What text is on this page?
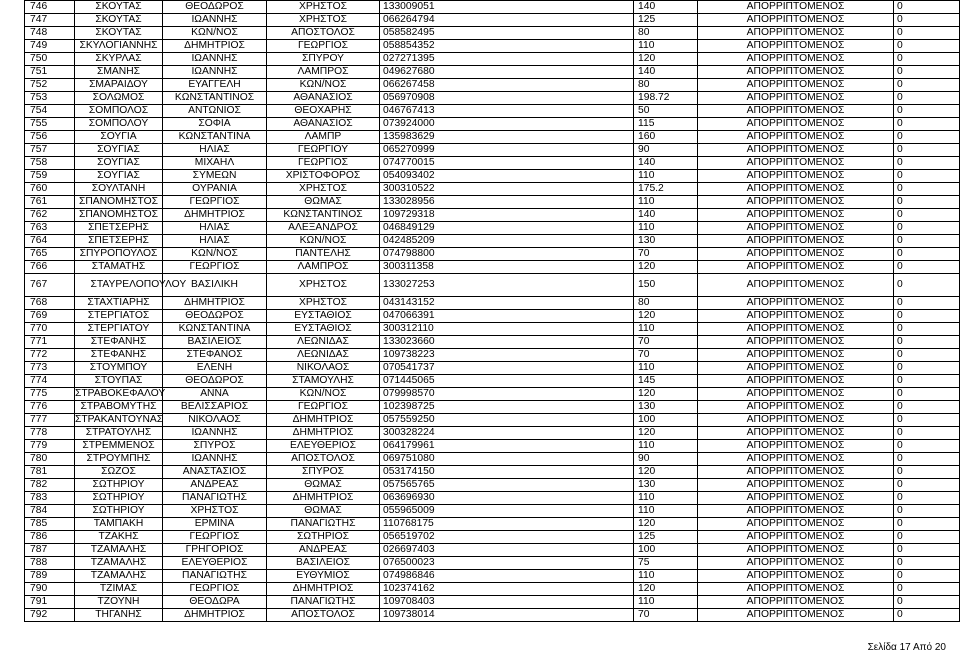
746	ΣΚΟΥΤΑΣ	ΘΕΟΔΩΡΟΣ	ΧΡΗΣΤΟΣ	133009051	140	ΑΠΟΡΡΙΠΤΟΜΕΝΟΣ	0
747	ΣΚΟΥΤΑΣ	ΙΩΑΝΝΗΣ	ΧΡΗΣΤΟΣ	066264794	125	ΑΠΟΡΡΙΠΤΟΜΕΝΟΣ	0
748	ΣΚΟΥΤΑΣ	ΚΩΝ/ΝΟΣ	ΑΠΟΣΤΟΛΟΣ	058582495	80	ΑΠΟΡΡΙΠΤΟΜΕΝΟΣ	0
749	ΣΚΥΛΟΓΙΑΝΝΗΣ	ΔΗΜΗΤΡΙΟΣ	ΓΕΩΡΓΙΟΣ	058854352	110	ΑΠΟΡΡΙΠΤΟΜΕΝΟΣ	0
750	ΣΚΥΡΛΑΣ	ΙΩΑΝΝΗΣ	ΣΠΥΡΟΥ	027271395	120	ΑΠΟΡΡΙΠΤΟΜΕΝΟΣ	0
751	ΣΜΑΝΗΣ	ΙΩΑΝΝΗΣ	ΛΑΜΠΡΟΣ	049627680	140	ΑΠΟΡΡΙΠΤΟΜΕΝΟΣ	0
752	ΣΜΑΡΑΙΔΟΥ	ΕΥΑΓΓΕΛΗ	ΚΩΝ/ΝΟΣ	066267458	80	ΑΠΟΡΡΙΠΤΟΜΕΝΟΣ	0
753	ΣΟΛΩΜΟΣ	ΚΩΝΣΤΑΝΤΙΝΟΣ	ΑΘΑΝΑΣΙΟΣ	056970908	198.72	ΑΠΟΡΡΙΠΤΟΜΕΝΟΣ	0
754	ΣΟΜΠΟΛΟΣ	ΑΝΤΩΝΙΟΣ	ΘΕΟΧΑΡΗΣ	046767413	50	ΑΠΟΡΡΙΠΤΟΜΕΝΟΣ	0
755	ΣΟΜΠΟΛΟΥ	ΣΟΦΙΑ	ΑΘΑΝΑΣΙΟΣ	073924000	115	ΑΠΟΡΡΙΠΤΟΜΕΝΟΣ	0
756	ΣΟΥΓΙΑ	ΚΩΝΣΤΑΝΤΙΝΑ	ΛΑΜΠΡ	135983629	160	ΑΠΟΡΡΙΠΤΟΜΕΝΟΣ	0
757	ΣΟΥΓΙΑΣ	ΗΛΙΑΣ	ΓΕΩΡΓΙΟΥ	065270999	90	ΑΠΟΡΡΙΠΤΟΜΕΝΟΣ	0
758	ΣΟΥΓΙΑΣ	ΜΙΧΑΗΛ	ΓΕΩΡΓΙΟΣ	074770015	140	ΑΠΟΡΡΙΠΤΟΜΕΝΟΣ	0
759	ΣΟΥΓΙΑΣ	ΣΥΜΕΩΝ	ΧΡΙΣΤΟΦΟΡΟΣ	054093402	110	ΑΠΟΡΡΙΠΤΟΜΕΝΟΣ	0
760	ΣΟΥΛΤΑΝΗ	ΟΥΡΑΝΙΑ	ΧΡΗΣΤΟΣ	300310522	175.2	ΑΠΟΡΡΙΠΤΟΜΕΝΟΣ	0
761	ΣΠΑΝΟΜΗΣΤΟΣ	ΓΕΩΡΓΙΟΣ	ΘΩΜΑΣ	133028956	110	ΑΠΟΡΡΙΠΤΟΜΕΝΟΣ	0
762	ΣΠΑΝΟΜΗΣΤΟΣ	ΔΗΜΗΤΡΙΟΣ	ΚΩΝΣΤΑΝΤΙΝΟΣ	109729318	140	ΑΠΟΡΡΙΠΤΟΜΕΝΟΣ	0
763	ΣΠΕΤΣΕΡΗΣ	ΗΛΙΑΣ	ΑΛΕΞΑΝΔΡΟΣ	046849129	110	ΑΠΟΡΡΙΠΤΟΜΕΝΟΣ	0
764	ΣΠΕΤΣΕΡΗΣ	ΗΛΙΑΣ	ΚΩΝ/ΝΟΣ	042485209	130	ΑΠΟΡΡΙΠΤΟΜΕΝΟΣ	0
765	ΣΠΥΡΟΠΟΥΛΟΣ	ΚΩΝ/ΝΟΣ	ΠΑΝΤΕΛΗΣ	074798800	70	ΑΠΟΡΡΙΠΤΟΜΕΝΟΣ	0
766	ΣΤΑΜΑΤΗΣ	ΓΕΩΡΓΙΟΣ	ΛΑΜΠΡΟΣ	300311358	120	ΑΠΟΡΡΙΠΤΟΜΕΝΟΣ	0
767	ΣΤΑΥΡΕΛΟΠΟΥΛΟΥ	ΒΑΣΙΛΙΚΗ	ΧΡΗΣΤΟΣ	133027253	150	ΑΠΟΡΡΙΠΤΟΜΕΝΟΣ	0
768	ΣΤΑΧΤΙΑΡΗΣ	ΔΗΜΗΤΡΙΟΣ	ΧΡΗΣΤΟΣ	043143152	80	ΑΠΟΡΡΙΠΤΟΜΕΝΟΣ	0
769	ΣΤΕΡΓΙΑΤΟΣ	ΘΕΟΔΩΡΟΣ	ΕΥΣΤΑΘΙΟΣ	047066391	120	ΑΠΟΡΡΙΠΤΟΜΕΝΟΣ	0
770	ΣΤΕΡΓΙΑΤΟΥ	ΚΩΝΣΤΑΝΤΙΝΑ	ΕΥΣΤΑΘΙΟΣ	300312110	110	ΑΠΟΡΡΙΠΤΟΜΕΝΟΣ	0
771	ΣΤΕΦΑΝΗΣ	ΒΑΣΙΛΕΙΟΣ	ΛΕΩΝΙΔΑΣ	133023660	70	ΑΠΟΡΡΙΠΤΟΜΕΝΟΣ	0
772	ΣΤΕΦΑΝΗΣ	ΣΤΕΦΑΝΟΣ	ΛΕΩΝΙΔΑΣ	109738223	70	ΑΠΟΡΡΙΠΤΟΜΕΝΟΣ	0
773	ΣΤΟΥΜΠΟΥ	ΕΛΕΝΗ	ΝΙΚΟΛΑΟΣ	070541737	110	ΑΠΟΡΡΙΠΤΟΜΕΝΟΣ	0
774	ΣΤΟΥΠΑΣ	ΘΕΟΔΩΡΟΣ	ΣΤΑΜΟΥΛΗΣ	071445065	145	ΑΠΟΡΡΙΠΤΟΜΕΝΟΣ	0
775	ΣΤΡΑΒΟΚΕΦΑΛΟΥ	ΑΝΝΑ	ΚΩΝ/ΝΟΣ	079998570	120	ΑΠΟΡΡΙΠΤΟΜΕΝΟΣ	0
776	ΣΤΡΑΒΟΜΥΤΗΣ	ΒΕΛΙΣΣΑΡΙΟΣ	ΓΕΩΡΓΙΟΣ	102398725	130	ΑΠΟΡΡΙΠΤΟΜΕΝΟΣ	0
777	ΣΤΡΑΚΑΝΤΟΥΝΑΣ	ΝΙΚΟΛΑΟΣ	ΔΗΜΗΤΡΙΟΣ	057559250	100	ΑΠΟΡΡΙΠΤΟΜΕΝΟΣ	0
778	ΣΤΡΑΤΟΥΛΗΣ	ΙΩΑΝΝΗΣ	ΔΗΜΗΤΡΙΟΣ	300328224	120	ΑΠΟΡΡΙΠΤΟΜΕΝΟΣ	0
779	ΣΤΡΕΜΜΕΝΟΣ	ΣΠΥΡΟΣ	ΕΛΕΥΘΕΡΙΟΣ	064179961	110	ΑΠΟΡΡΙΠΤΟΜΕΝΟΣ	0
780	ΣΤΡΟΥΜΠΗΣ	ΙΩΑΝΝΗΣ	ΑΠΟΣΤΟΛΟΣ	069751080	90	ΑΠΟΡΡΙΠΤΟΜΕΝΟΣ	0
781	ΣΩΖΟΣ	ΑΝΑΣΤΑΣΙΟΣ	ΣΠΥΡΟΣ	053174150	120	ΑΠΟΡΡΙΠΤΟΜΕΝΟΣ	0
782	ΣΩΤΗΡΙΟΥ	ΑΝΔΡΕΑΣ	ΘΩΜΑΣ	057565765	130	ΑΠΟΡΡΙΠΤΟΜΕΝΟΣ	0
783	ΣΩΤΗΡΙΟΥ	ΠΑΝΑΓΙΩΤΗΣ	ΔΗΜΗΤΡΙΟΣ	063696930	110	ΑΠΟΡΡΙΠΤΟΜΕΝΟΣ	0
784	ΣΩΤΗΡΙΟΥ	ΧΡΗΣΤΟΣ	ΘΩΜΑΣ	055965009	110	ΑΠΟΡΡΙΠΤΟΜΕΝΟΣ	0
785	ΤΑΜΠΑΚΗ	ΕΡΜΙΝΑ	ΠΑΝΑΓΙΩΤΗΣ	110768175	120	ΑΠΟΡΡΙΠΤΟΜΕΝΟΣ	0
786	ΤΖΑΚΗΣ	ΓΕΩΡΓΙΟΣ	ΣΩΤΗΡΙΟΣ	056519702	125	ΑΠΟΡΡΙΠΤΟΜΕΝΟΣ	0
787	ΤΖΑΜΑΛΗΣ	ΓΡΗΓΟΡΙΟΣ	ΑΝΔΡΕΑΣ	026697403	100	ΑΠΟΡΡΙΠΤΟΜΕΝΟΣ	0
788	ΤΖΑΜΑΛΗΣ	ΕΛΕΥΘΕΡΙΟΣ	ΒΑΣΙΛΕΙΟΣ	076500023	75	ΑΠΟΡΡΙΠΤΟΜΕΝΟΣ	0
789	ΤΖΑΜΑΛΗΣ	ΠΑΝΑΓΙΩΤΗΣ	ΕΥΘΥΜΙΟΣ	074986846	110	ΑΠΟΡΡΙΠΤΟΜΕΝΟΣ	0
790	ΤΖΙΜΑΣ	ΓΕΩΡΓΙΟΣ	ΔΗΜΗΤΡΙΟΣ	102374162	120	ΑΠΟΡΡΙΠΤΟΜΕΝΟΣ	0
791	ΤΖΟΥΝΗ	ΘΕΟΔΩΡΑ	ΠΑΝΑΓΙΩΤΗΣ	109708403	110	ΑΠΟΡΡΙΠΤΟΜΕΝΟΣ	0
792	ΤΗΓΑΝΗΣ	ΔΗΜΗΤΡΙΟΣ	ΑΠΟΣΤΟΛΟΣ	109738014	70	ΑΠΟΡΡΙΠΤΟΜΕΝΟΣ	0
Σελίδα 17 Από 20
